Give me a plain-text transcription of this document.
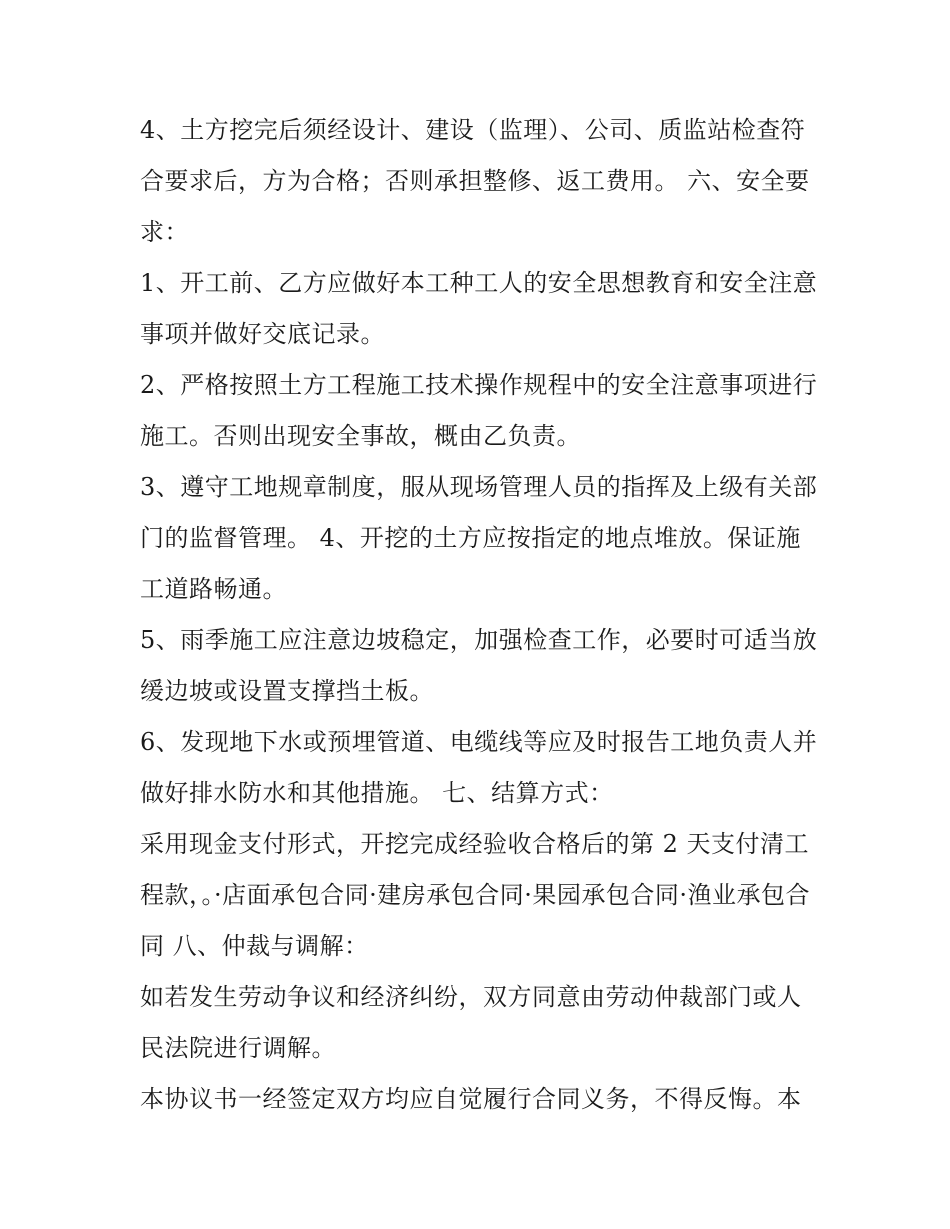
4、土方挖完后须经设计、建设（监理）、公司、质监站检查符合要求后，方为合格；否则承担整修、返工费用。 六、安全要求：

1、开工前、乙方应做好本工种工人的安全思想教育和安全注意事项并做好交底记录。

2、严格按照土方工程施工技术操作规程中的安全注意事项进行施工。否则出现安全事故，概由乙负责。

3、遵守工地规章制度，服从现场管理人员的指挥及上级有关部门的监督管理。 4、开挖的土方应按指定的地点堆放。保证施工道路畅通。

5、雨季施工应注意边坡稳定，加强检查工作，必要时可适当放缓边坡或设置支撑挡土板。

6、发现地下水或预埋管道、电缆线等应及时报告工地负责人并做好排水防水和其他措施。 七、结算方式：

采用现金支付形式，开挖完成经验收合格后的第 2 天支付清工程款，。·店面承包合同·建房承包合同·果园承包合同·渔业承包合同 八、仲裁与调解：

如若发生劳动争议和经济纠纷，双方同意由劳动仲裁部门或人民法院进行调解。

本协议书一经签定双方均应自觉履行合同义务，不得反悔。本
